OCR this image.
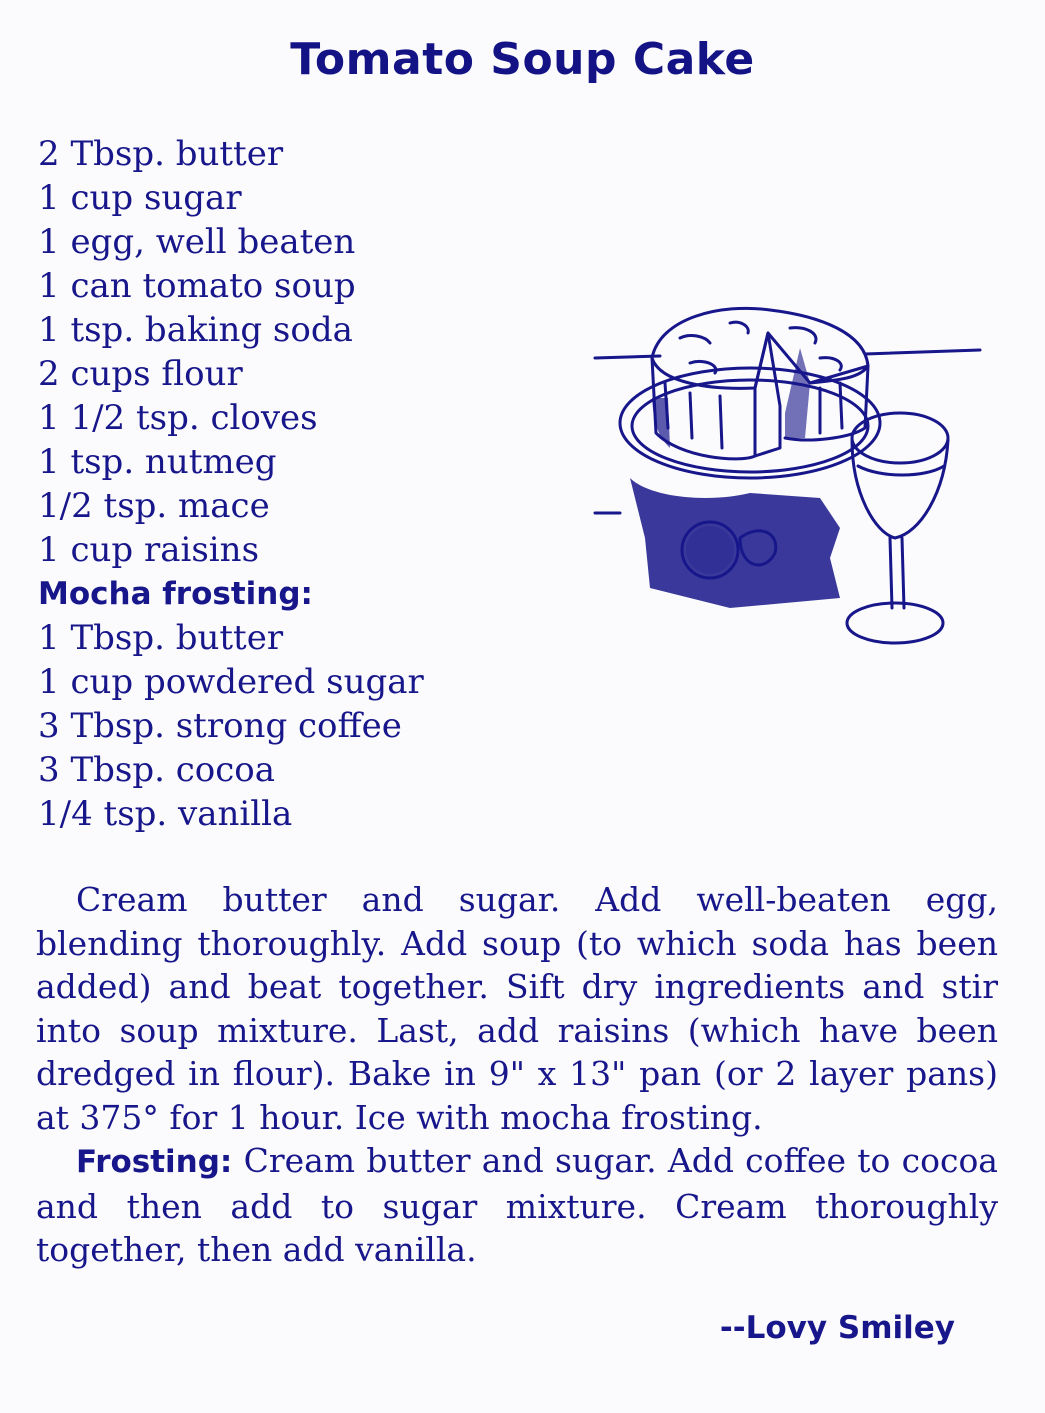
Tomato Soup Cake
2 Tbsp. butter
1 cup sugar
1 egg, well beaten
1 can tomato soup
1 tsp. baking soda
2 cups flour
1 1/2 tsp. cloves
1 tsp. nutmeg
1/2 tsp. mace
1 cup raisins
Mocha frosting:
1 Tbsp. butter
1 cup powdered sugar
3 Tbsp. strong coffee
3 Tbsp. cocoa
1/4 tsp. vanilla

Cream butter and sugar. Add well-beaten egg, blending thoroughly. Add soup (to which soda has been added) and beat together. Sift dry ingredients and stir into soup mixture. Last, add raisins (which have been dredged in flour). Bake in 9" x 13" pan (or 2 layer pans) at 375° for 1 hour. Ice with mocha frosting.

Frosting: Cream butter and sugar. Add coffee to cocoa and then add to sugar mixture. Cream thoroughly together, then add vanilla.

--Lovy Smiley
